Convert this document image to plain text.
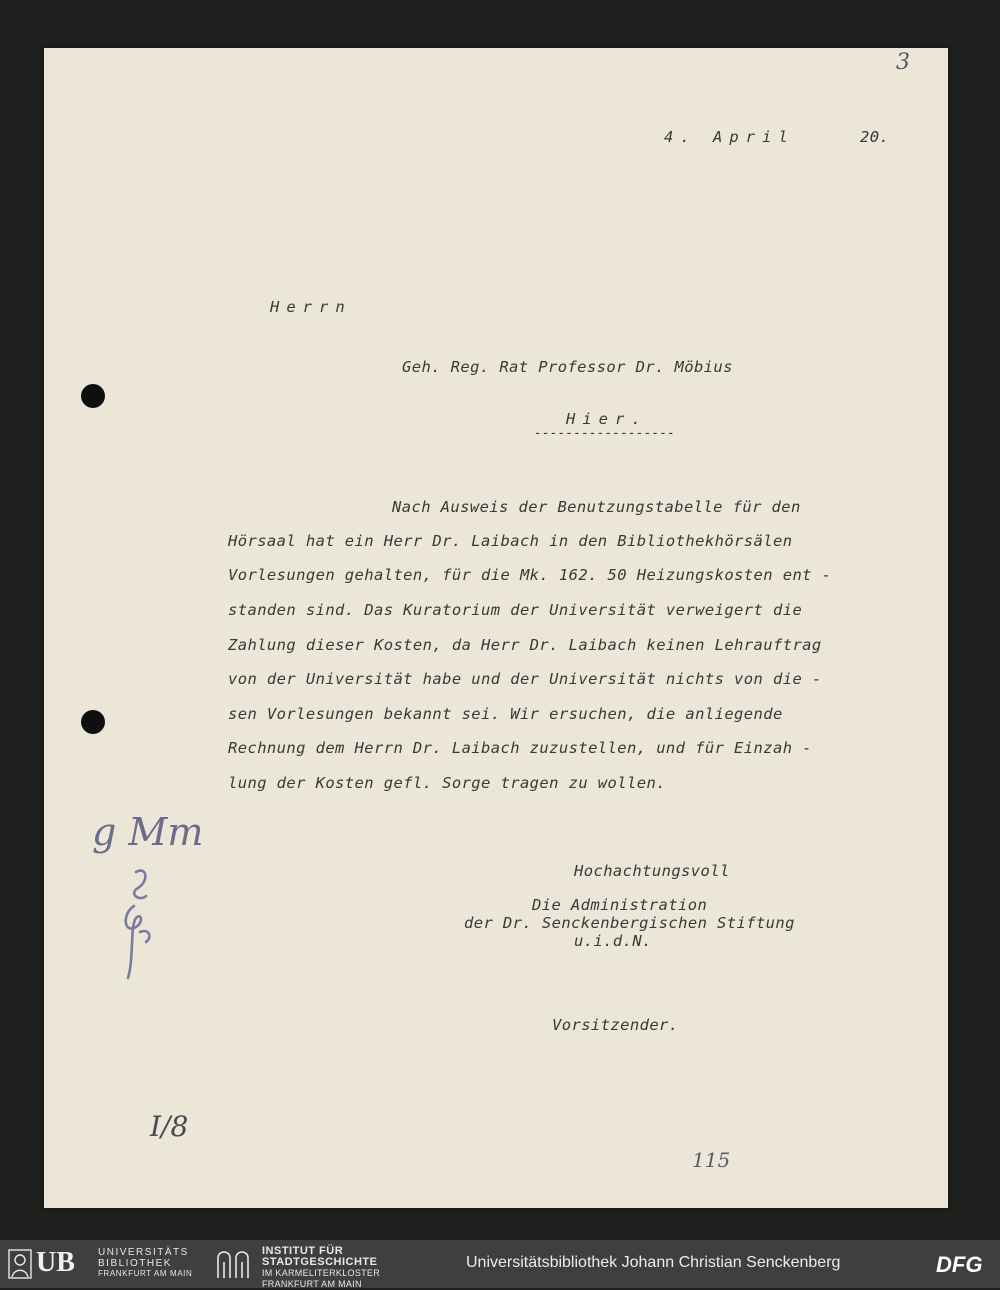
3
4. April	20.
Herrn
Geh. Reg. Rat Professor Dr. Möbius
Hier.
------------------
Nach Ausweis der Benutzungstabelle für den
Hörsaal hat ein Herr Dr. Laibach in den Bibliothekhörsälen
Vorlesungen gehalten, für die Mk. 162. 50 Heizungskosten ent -
standen sind. Das Kuratorium der Universität verweigert die
Zahlung dieser Kosten, da Herr Dr. Laibach keinen Lehrauftrag
von der Universität habe und der Universität nichts von die -
sen Vorlesungen bekannt sei. Wir ersuchen, die anliegende
Rechnung dem Herrn Dr. Laibach zuzustellen, und für Einzah -
lung der Kosten gefl. Sorge tragen zu wollen.
Hochachtungsvoll
Die Administration
der Dr. Senckenbergischen Stiftung
u.i.d.N.
Vorsitzender.
g Mm
I/8
115
UB UNIVERSITÄTS
BIBLIOTHEK
FRANKFURT AM MAIN
INSTITUT FÜR
STADTGESCHICHTE
IM KARMELITERKLOSTER
FRANKFURT AM MAIN
Universitätsbibliothek Johann Christian Senckenberg	DFG
